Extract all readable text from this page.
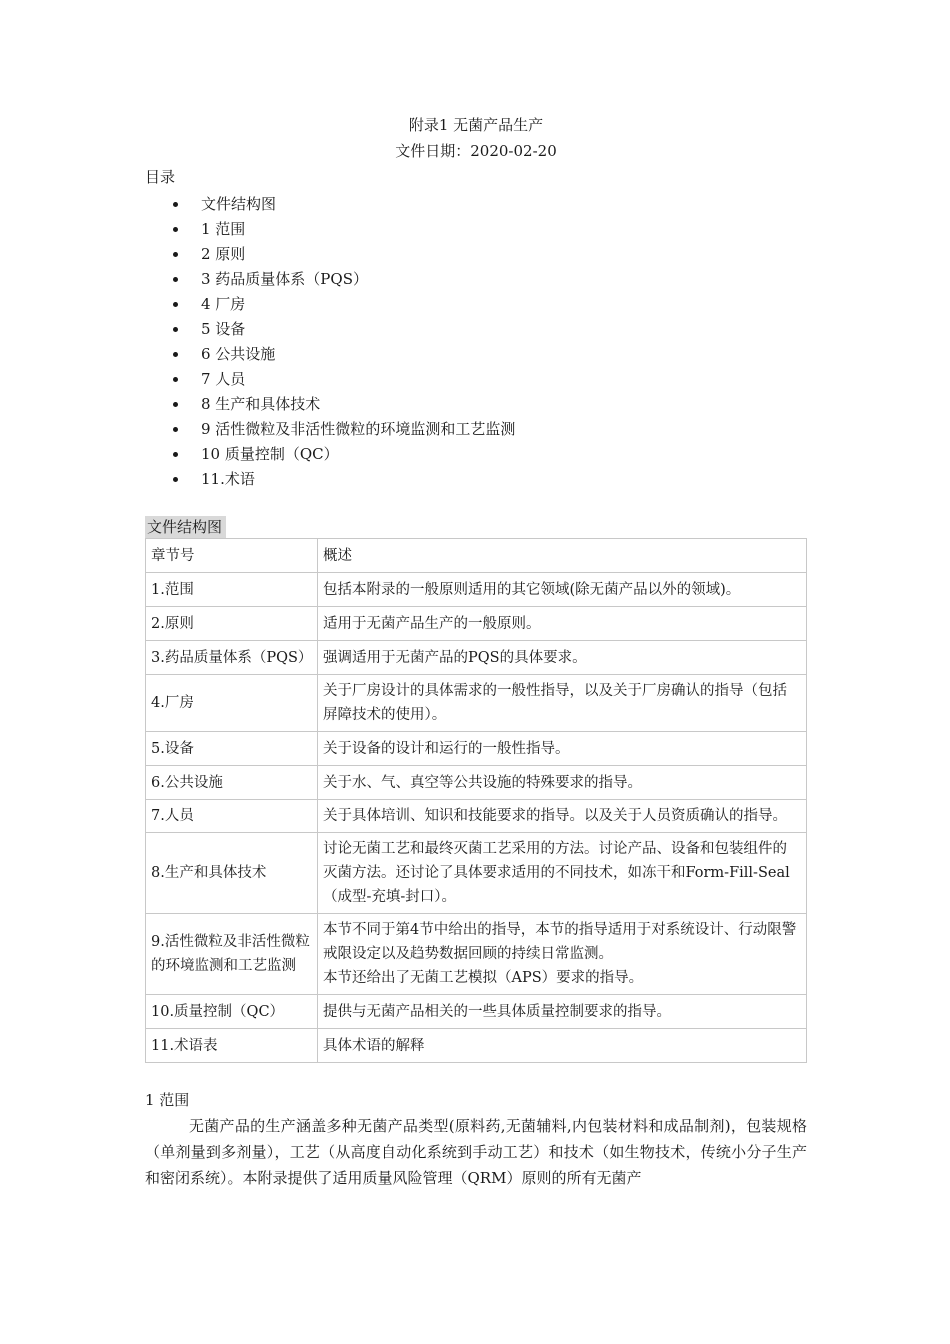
附录1 无菌产品生产

文件日期：2020-02-20

目录

文件结构图
1 范围
2 原则
3 药品质量体系（PQS）
4 厂房
5 设备
6 公共设施
7 人员
8 生产和具体技术
9 活性微粒及非活性微粒的环境监测和工艺监测
10 质量控制（QC）
11.术语
文件结构图
章节号	概述
1.范围	包括本附录的一般原则适用的其它领域(除无菌产品以外的领域)。
2.原则	适用于无菌产品生产的一般原则。
3.药品质量体系（PQS）	强调适用于无菌产品的PQS的具体要求。
4.厂房	关于厂房设计的具体需求的一般性指导，以及关于厂房确认的指导（包括屏障技术的使用）。
5.设备	关于设备的设计和运行的一般性指导。
6.公共设施	关于水、气、真空等公共设施的特殊要求的指导。
7.人员	关于具体培训、知识和技能要求的指导。以及关于人员资质确认的指导。
8.生产和具体技术	讨论无菌工艺和最终灭菌工艺采用的方法。讨论产品、设备和包装组件的灭菌方法。还讨论了具体要求适用的不同技术，如冻干和Form-Fill-Seal（成型-充填-封口）。
9.活性微粒及非活性微粒的环境监测和工艺监测	本节不同于第4节中给出的指导，本节的指导适用于对系统设计、行动限警戒限设定以及趋势数据回顾的持续日常监测。
本节还给出了无菌工艺模拟（APS）要求的指导。
10.质量控制（QC）	提供与无菌产品相关的一些具体质量控制要求的指导。
11.术语表	具体术语的解释

1 范围

无菌产品的生产涵盖多种无菌产品类型(原料药,无菌辅料,内包装材料和成品制剂)，包装规格（单剂量到多剂量），工艺（从高度自动化系统到手动工艺）和技术（如生物技术，传统小分子生产和密闭系统）。本附录提供了适用质量风险管理（QRM）原则的所有无菌产
